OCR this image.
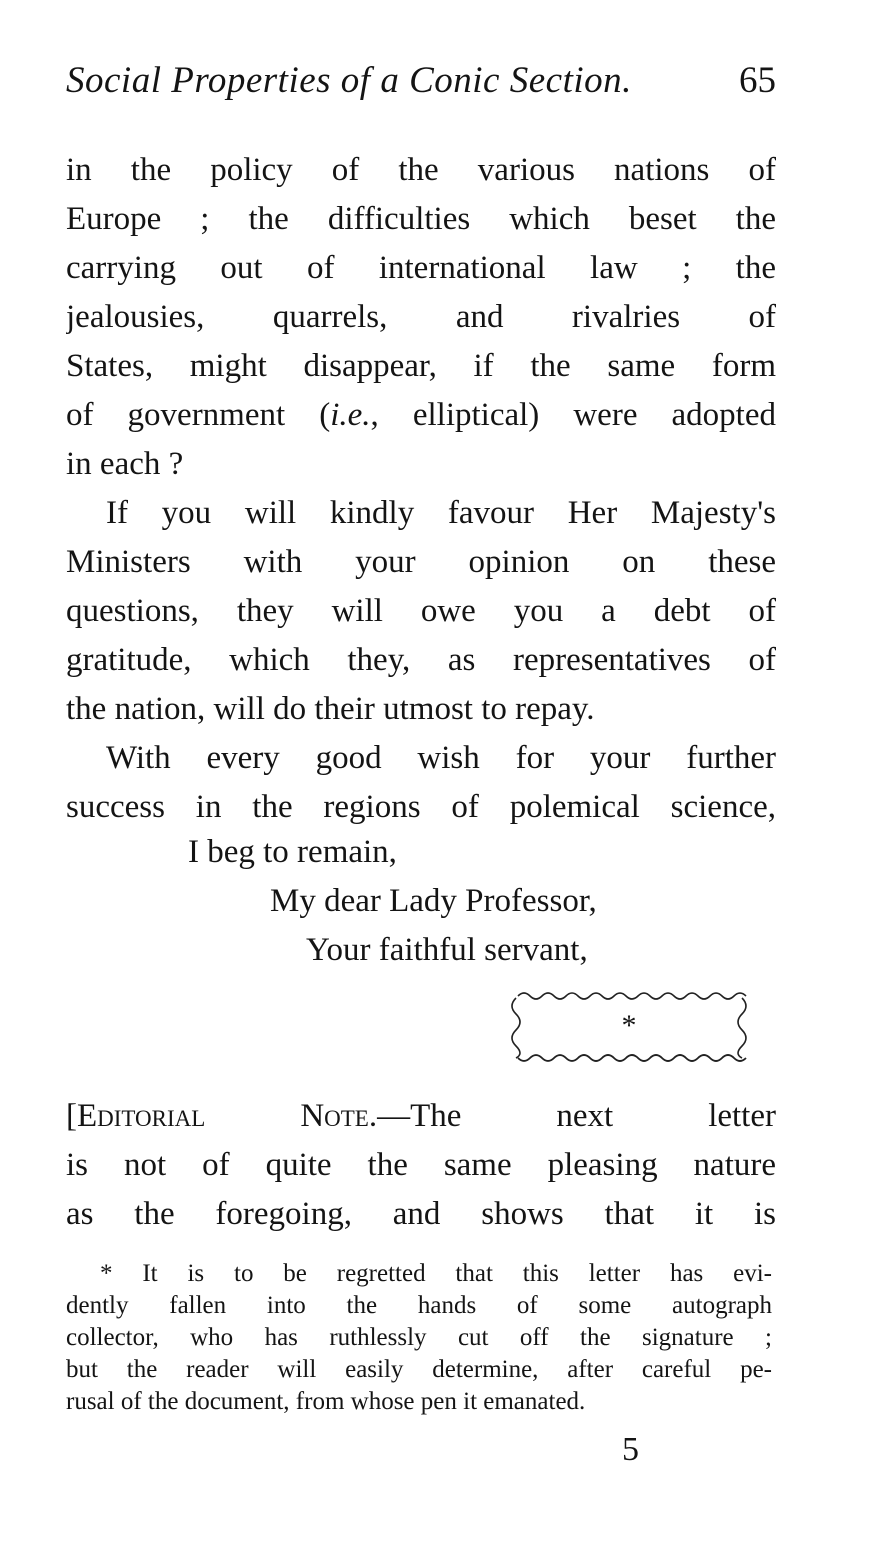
Social Properties of a Conic Section.	65
in the policy of the various nations of
Europe ; the difficulties which beset the
carrying out of international law ; the
jealousies, quarrels, and rivalries of
States, might disappear, if the same form
of government (i.e., elliptical) were adopted
in each ?
If you will kindly favour Her Majesty's
Ministers with your opinion on these
questions, they will owe you a debt of
gratitude, which they, as representatives of
the nation, will do their utmost to repay.
With every good wish for your further
success in the regions of polemical science,
I beg to remain,
My dear Lady Professor,
Your faithful servant,
*
[Editorial Note.—The next letter
is not of quite the same pleasing nature
as the foregoing, and shows that it is
* It is to be regretted that this letter has evi-
dently fallen into the hands of some autograph
collector, who has ruthlessly cut off the signature ;
but the reader will easily determine, after careful pe-
rusal of the document, from whose pen it emanated.
5
